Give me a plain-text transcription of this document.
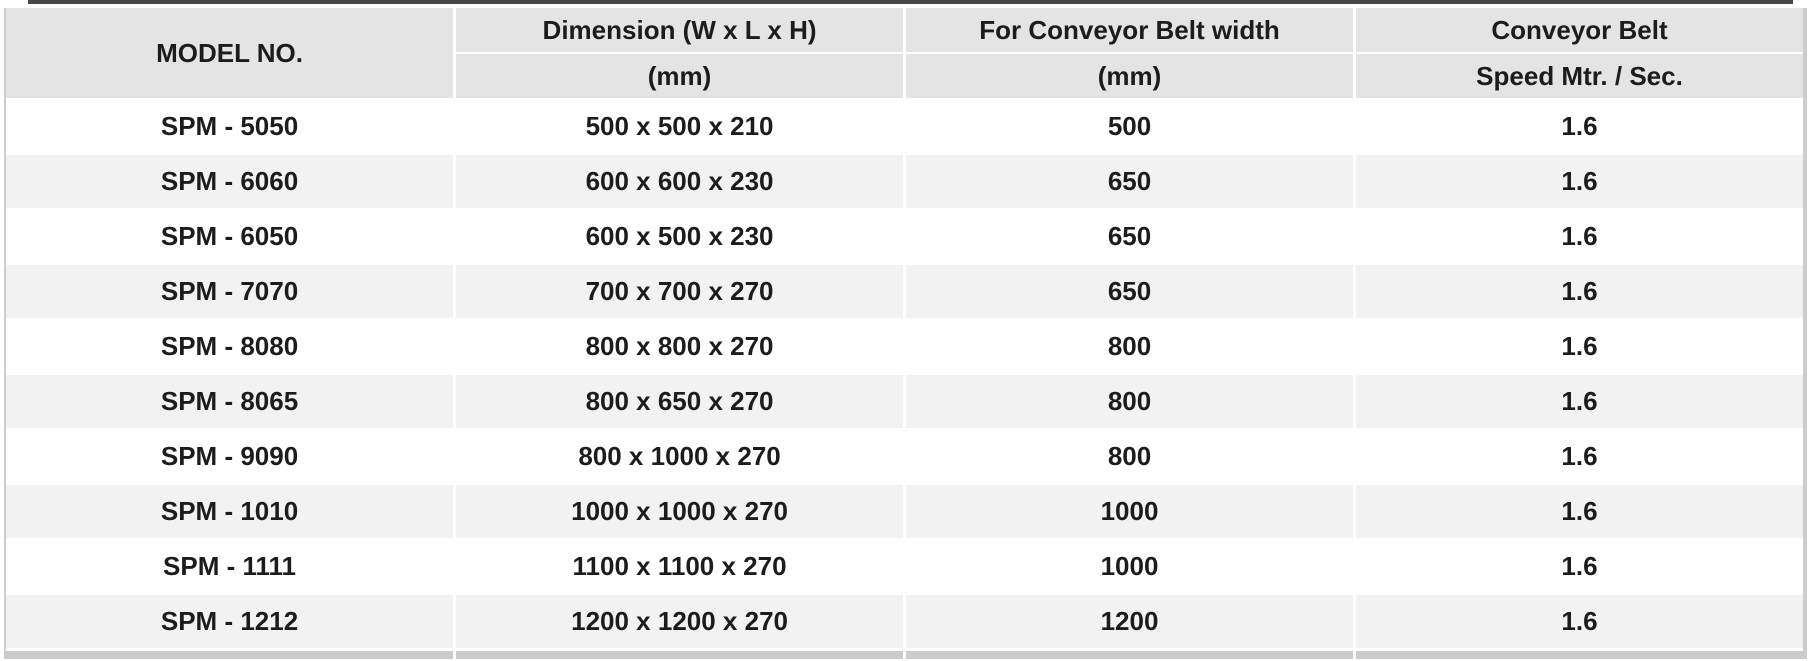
MODEL NO.	Dimension (W x L x H)	For Conveyor Belt width	Conveyor Belt
	(mm)	(mm)	Speed Mtr. / Sec.
SPM - 5050	500 x 500 x 210	500	1.6
SPM - 6060	600 x 600 x 230	650	1.6
SPM - 6050	600 x 500 x 230	650	1.6
SPM - 7070	700 x 700 x 270	650	1.6
SPM - 8080	800 x 800 x 270	800	1.6
SPM - 8065	800 x 650 x 270	800	1.6
SPM - 9090	800 x 1000 x 270	800	1.6
SPM - 1010	1000 x 1000 x 270	1000	1.6
SPM - 1111	1100 x 1100 x 270	1000	1.6
SPM - 1212	1200 x 1200 x 270	1200	1.6
